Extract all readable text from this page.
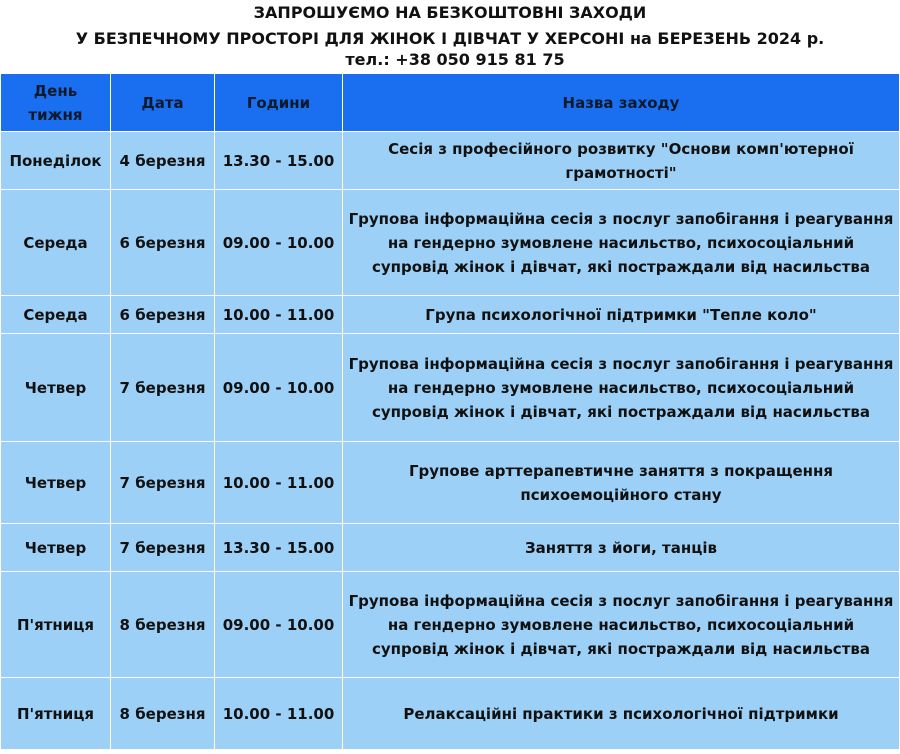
ЗАПРОШУЄМО НА БЕЗКОШТОВНІ ЗАХОДИ
У БЕЗПЕЧНОМУ ПРОСТОРІ ДЛЯ ЖІНОК І ДІВЧАТ У ХЕРСОНІ на БЕРЕЗЕНЬ 2024 р.
тел.: +38 050 915 81 75
День тижня	Дата	Години	Назва заходу
Понеділок	4 березня	13.30 - 15.00	Сесія з професійного розвитку "Основи комп'ютерної грамотності"
Середа	6 березня	09.00 - 10.00	Групова інформаційна сесія з послуг запобігання і реагування на гендерно зумовлене насильство, психосоціальний супровід жінок і дівчат, які постраждали від насильства
Середа	6 березня	10.00 - 11.00	Група психологічної підтримки "Тепле коло"
Четвер	7 березня	09.00 - 10.00	Групова інформаційна сесія з послуг запобігання і реагування на гендерно зумовлене насильство, психосоціальний супровід жінок і дівчат, які постраждали від насильства
Четвер	7 березня	10.00 - 11.00	Групове арттерапевтичне заняття з покращення психоемоційного стану
Четвер	7 березня	13.30 - 15.00	Заняття з йоги, танців
П'ятниця	8 березня	09.00 - 10.00	Групова інформаційна сесія з послуг запобігання і реагування на гендерно зумовлене насильство, психосоціальний супровід жінок і дівчат, які постраждали від насильства
П'ятниця	8 березня	10.00 - 11.00	Релаксаційні практики з психологічної підтримки
